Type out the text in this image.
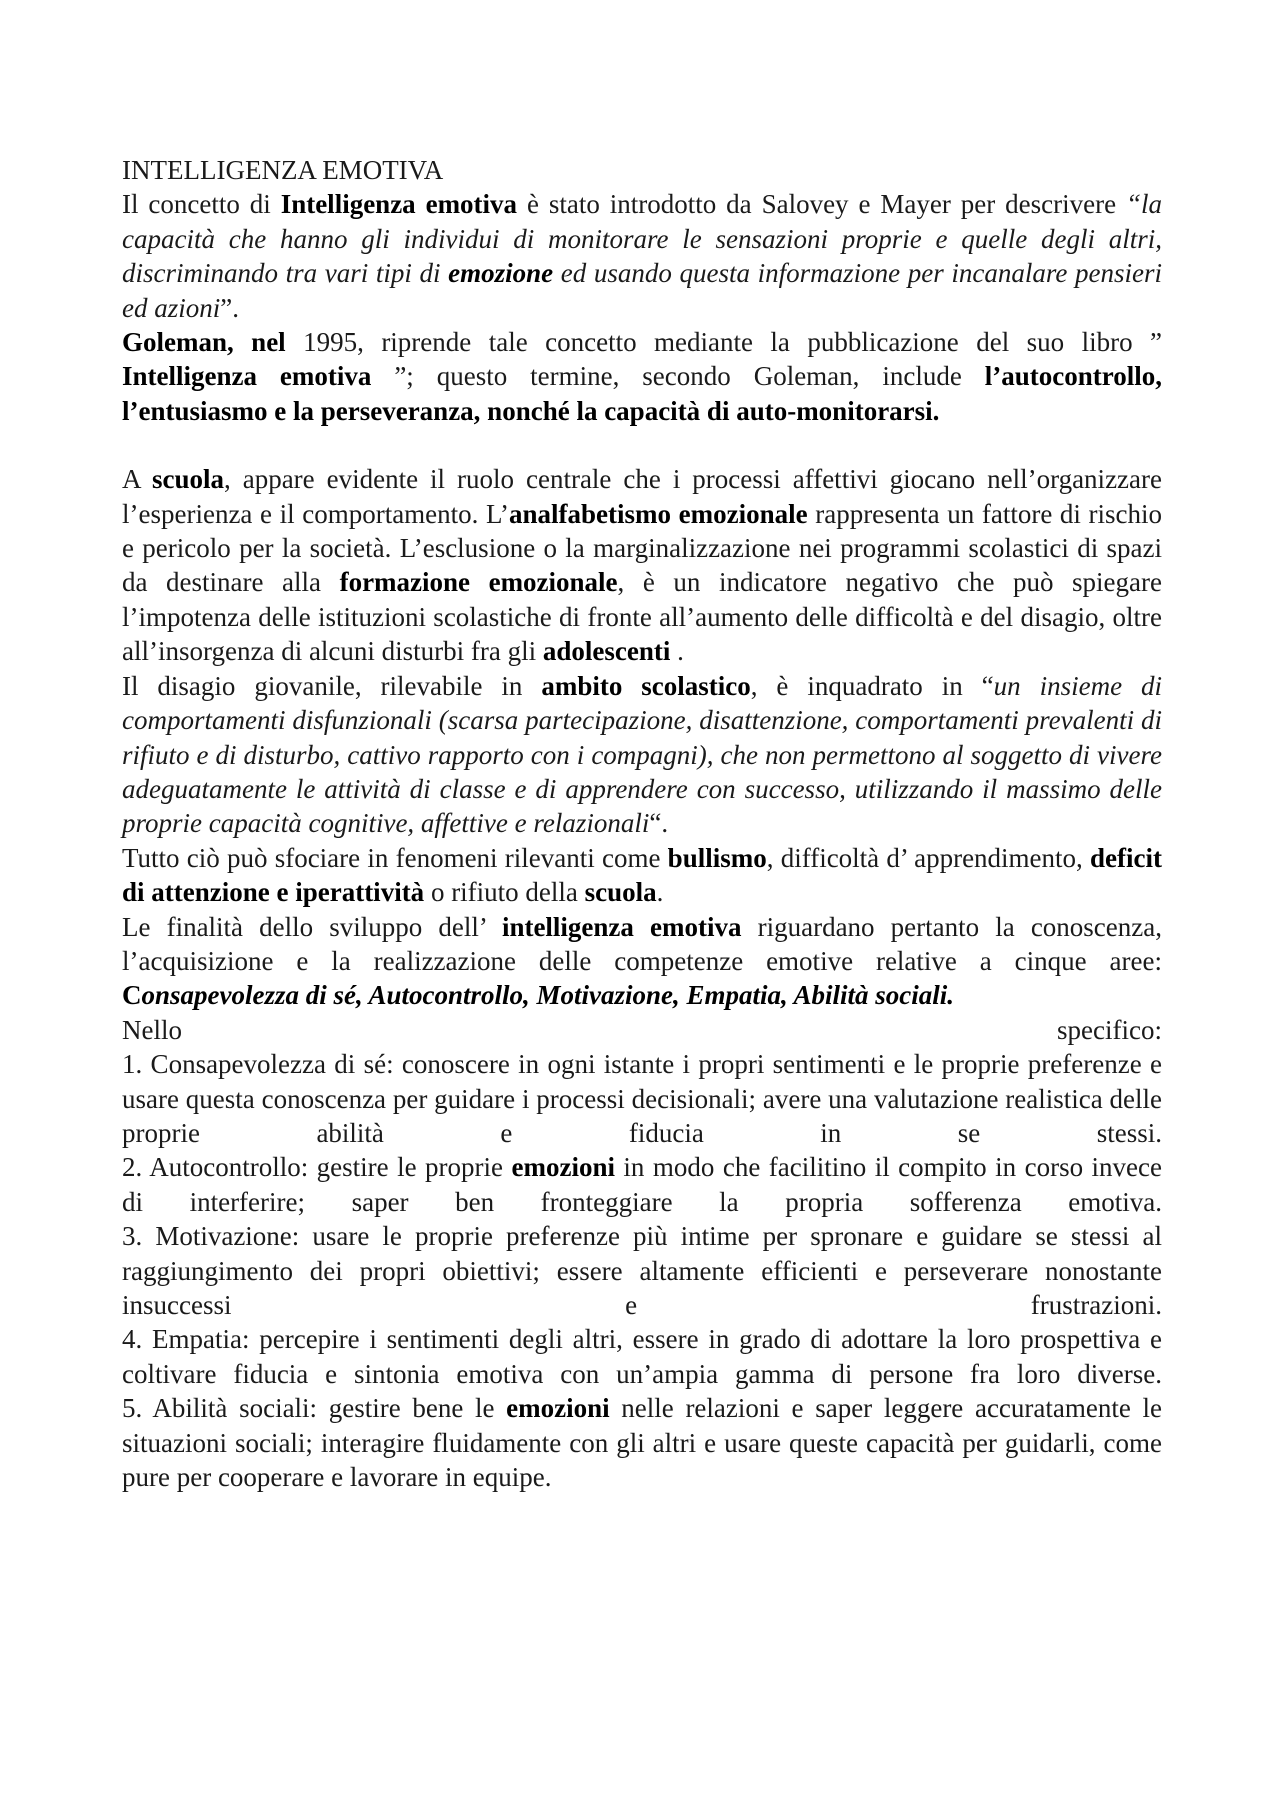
INTELLIGENZA EMOTIVA

Il concetto di Intelligenza emotiva è stato introdotto da Salovey e Mayer per descrivere “la capacità che hanno gli individui di monitorare le sensazioni proprie e quelle degli altri, discriminando tra vari tipi di emozione ed usando questa informazione per incanalare pensieri ed azioni”.

Goleman, nel 1995, riprende tale concetto mediante la pubblicazione del suo libro ” Intelligenza emotiva ”; questo termine, secondo Goleman, include l’autocontrollo, l’entusiasmo e la perseveranza, nonché la capacità di auto-monitorarsi.

A scuola, appare evidente il ruolo centrale che i processi affettivi giocano nell’organizzare l’esperienza e il comportamento. L’analfabetismo emozionale rappresenta un fattore di rischio e pericolo per la società. L’esclusione o la marginalizzazione nei programmi scolastici di spazi da destinare alla formazione emozionale, è un indicatore negativo che può spiegare l’impotenza delle istituzioni scolastiche di fronte all’aumento delle difficoltà e del disagio, oltre all’insorgenza di alcuni disturbi fra gli adolescenti .

Il disagio giovanile, rilevabile in ambito scolastico, è inquadrato in “un insieme di comportamenti disfunzionali (scarsa partecipazione, disattenzione, comportamenti prevalenti di rifiuto e di disturbo, cattivo rapporto con i compagni), che non permettono al soggetto di vivere adeguatamente le attività di classe e di apprendere con successo, utilizzando il massimo delle proprie capacità cognitive, affettive e relazionali“.

Tutto ciò può sfociare in fenomeni rilevanti come bullismo, difficoltà d’ apprendimento, deficit di attenzione e iperattività o rifiuto della scuola.

Le finalità dello sviluppo dell’ intelligenza emotiva riguardano pertanto la conoscenza, l’acquisizione e la realizzazione delle competenze emotive relative a cinque aree: Consapevolezza di sé, Autocontrollo, Motivazione, Empatia, Abilità sociali.

Nello specifico:

1. Consapevolezza di sé: conoscere in ogni istante i propri sentimenti e le proprie preferenze e usare questa conoscenza per guidare i processi decisionali; avere una valutazione realistica delle proprie abilità e fiducia in se stessi.

2. Autocontrollo: gestire le proprie emozioni in modo che facilitino il compito in corso invece di interferire; saper ben fronteggiare la propria sofferenza emotiva.

3. Motivazione: usare le proprie preferenze più intime per spronare e guidare se stessi al raggiungimento dei propri obiettivi; essere altamente efficienti e perseverare nonostante insuccessi e frustrazioni.

4. Empatia: percepire i sentimenti degli altri, essere in grado di adottare la loro prospettiva e coltivare fiducia e sintonia emotiva con un’ampia gamma di persone fra loro diverse.

5. Abilità sociali: gestire bene le emozioni nelle relazioni e saper leggere accuratamente le situazioni sociali; interagire fluidamente con gli altri e usare queste capacità per guidarli, come pure per cooperare e lavorare in equipe.
